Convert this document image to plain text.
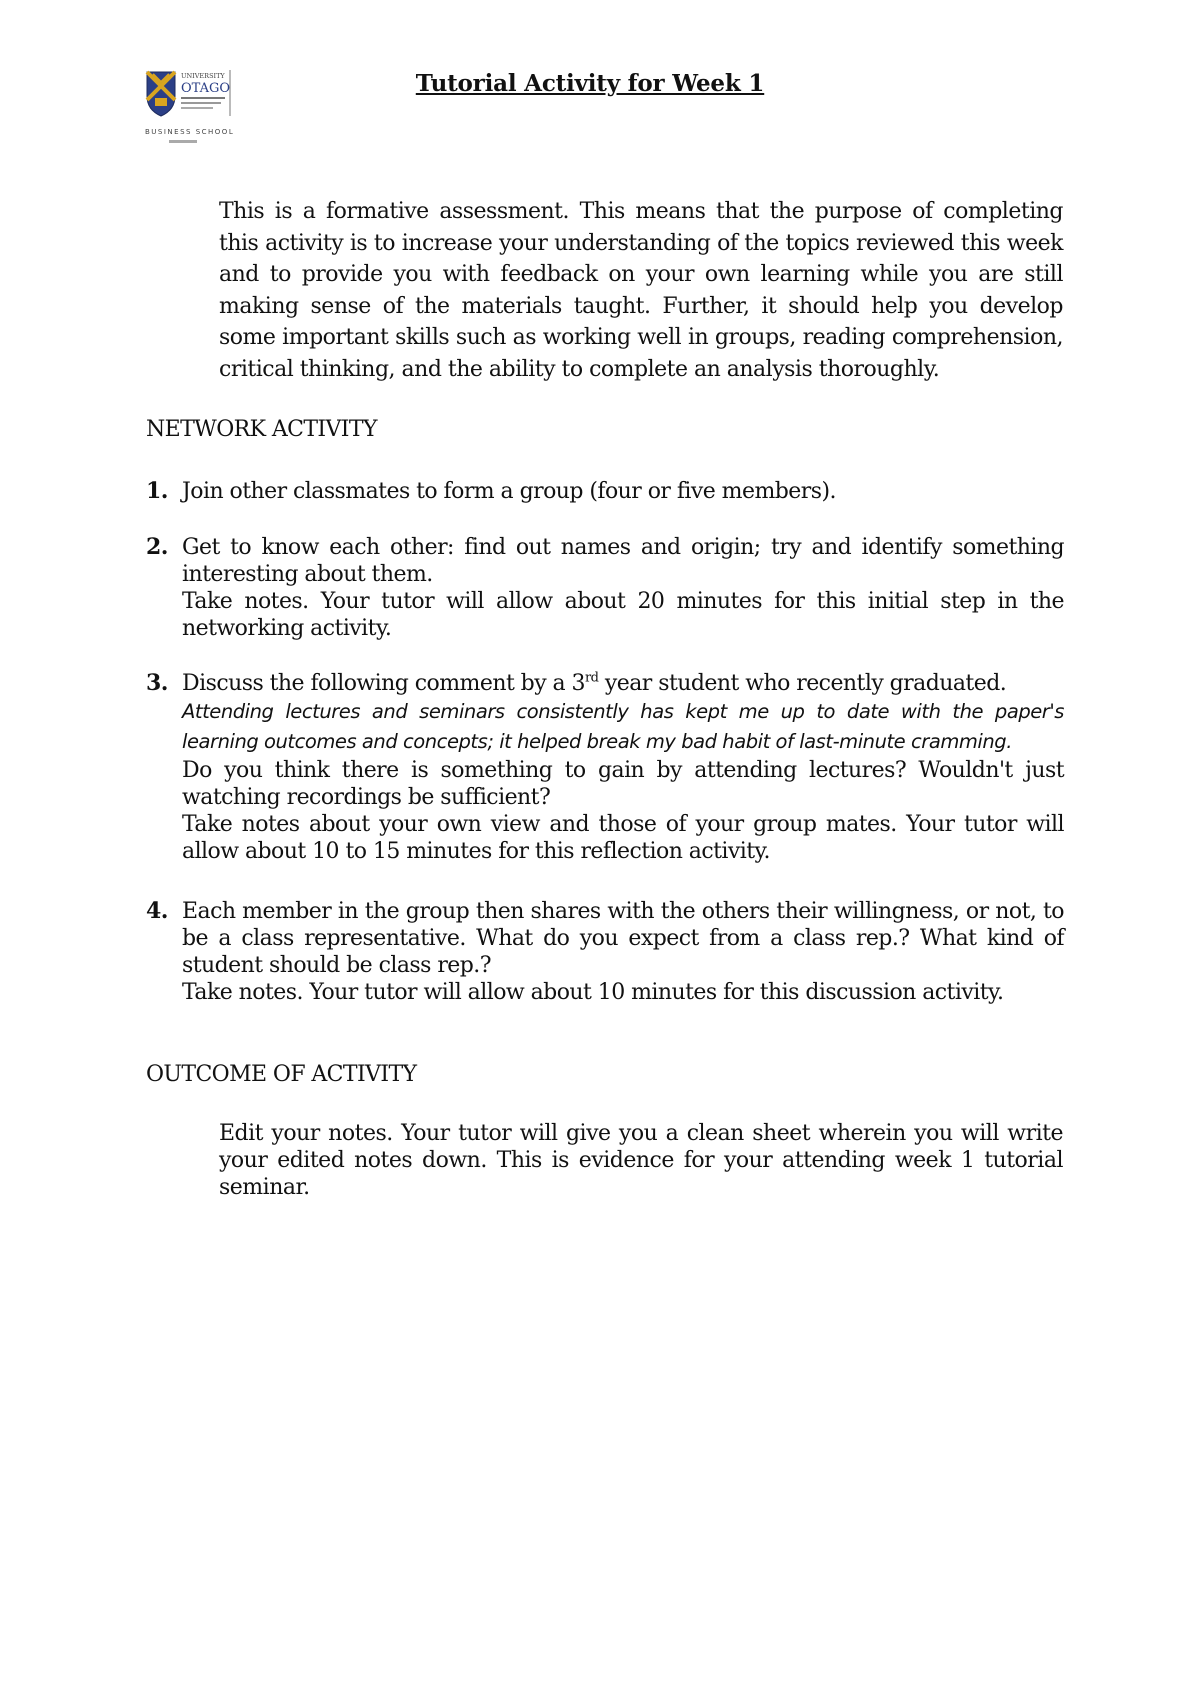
UNIVERSITY
OTAGO
BUSINESS SCHOOL
Tutorial Activity for Week 1
This is a formative assessment. This means that the purpose of completing this activity is to increase your understanding of the topics reviewed this week and to provide you with feedback on your own learning while you are still making sense of the materials taught. Further, it should help you develop some important skills such as working well in groups, reading comprehension, critical thinking, and the ability to complete an analysis thoroughly.
NETWORK ACTIVITY
1. Join other classmates to form a group (four or five members).

2. Get to know each other: find out names and origin; try and identify something interesting about them.

Take notes. Your tutor will allow about 20 minutes for this initial step in the networking activity.

3. Discuss the following comment by a 3rd year student who recently graduated.

Attending lectures and seminars consistently has kept me up to date with the paper's learning outcomes and concepts; it helped break my bad habit of last-minute cramming.

Do you think there is something to gain by attending lectures? Wouldn't just watching recordings be sufficient?

Take notes about your own view and those of your group mates. Your tutor will allow about 10 to 15 minutes for this reflection activity.

4. Each member in the group then shares with the others their willingness, or not, to be a class representative. What do you expect from a class rep.? What kind of student should be class rep.?

Take notes. Your tutor will allow about 10 minutes for this discussion activity.

OUTCOME OF ACTIVITY
Edit your notes. Your tutor will give you a clean sheet wherein you will write your edited notes down. This is evidence for your attending week 1 tutorial seminar.
